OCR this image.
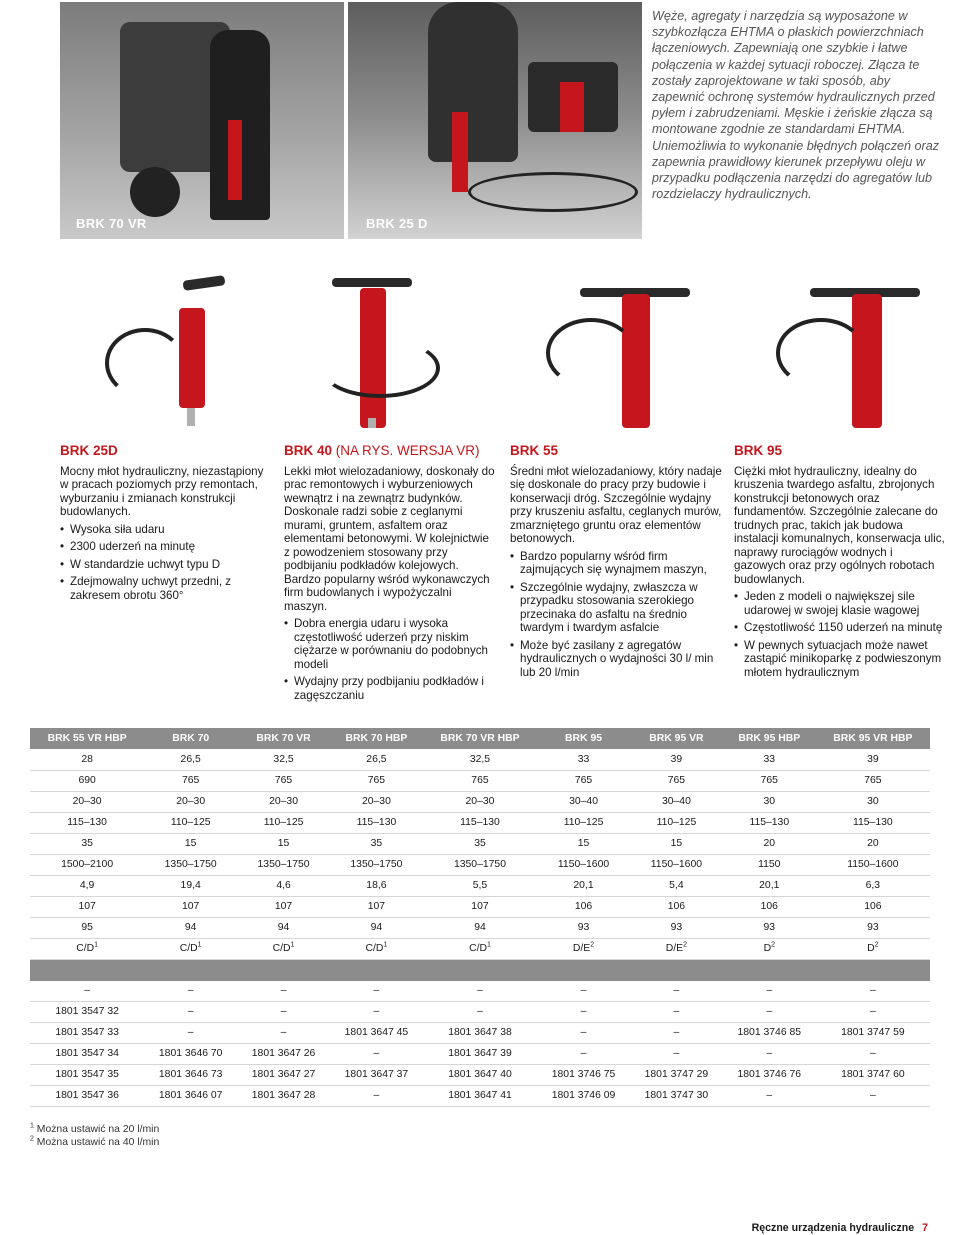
BRK 70 VR	BRK 25 D

Węże, agregaty i narzędzia są wyposażone w szybkozłącza EHTMA o płaskich powierzchniach łączeniowych. Zapewniają one szybkie i łatwe połączenia w każdej sytuacji roboczej. Złącza te zostały zaprojektowane w taki sposób, aby zapewnić ochronę systemów hydraulicznych przed pyłem i zabrudzeniami. Męskie i żeńskie złącza są montowane zgodnie ze standardami EHTMA. Uniemożliwia to wykonanie błędnych połączeń oraz zapewnia prawidłowy kierunek przepływu oleju w przypadku podłączenia narzędzi do agregatów lub rozdzielaczy hydraulicznych.

BRK 25D

Mocny młot hydrauliczny, niezastąpiony w pracach poziomych przy remontach, wyburzaniu i zmianach konstrukcji budowlanych.

• Wysoka siła udaru
• 2300 uderzeń na minutę
• W standardzie uchwyt typu D
• Zdejmowalny uchwyt przedni, z zakresem obrotu 360°
BRK 40 (NA RYS. WERSJA VR)

Lekki młot wielozadaniowy, doskonały do prac remontowych i wyburzeniowych wewnątrz i na zewnątrz budynków. Doskonale radzi sobie z ceglanymi murami, gruntem, asfaltem oraz elementami betonowymi. W kolejnictwie z powodzeniem stosowany przy podbijaniu podkładów kolejowych. Bardzo popularny wśród wykonawczych firm budowlanych i wypożyczalni maszyn.

• Dobra energia udaru i wysoka częstotliwość uderzeń przy niskim ciężarze w porównaniu do podobnych modeli
• Wydajny przy podbijaniu podkładów i zagęszczaniu
BRK 55

Średni młot wielozadaniowy, który nadaje się doskonale do pracy przy budowie i konserwacji dróg. Szczególnie wydajny przy kruszeniu asfaltu, ceglanych murów, zmarzniętego gruntu oraz elementów betonowych.

• Bardzo popularny wśród firm zajmujących się wynajmem maszyn,
• Szczególnie wydajny, zwłaszcza w przypadku stosowania szerokiego przecinaka do asfaltu na średnio twardym i twardym asfalcie
• Może być zasilany z agregatów hydraulicznych o wydajności 30 l/ min lub 20 l/min
BRK 95

Ciężki młot hydrauliczny, idealny do kruszenia twardego asfaltu, zbrojonych konstrukcji betonowych oraz fundamentów. Szczególnie zalecane do trudnych prac, takich jak budowa instalacji komunalnych, konserwacja ulic, naprawy rurociągów wodnych i gazowych oraz przy ogólnych robotach budowlanych.

• Jeden z modeli o największej sile udarowej w swojej klasie wagowej
• Częstotliwość 1150 uderzeń na minutę
• W pewnych sytuacjach może nawet zastąpić minikoparkę z podwieszonym młotem hydraulicznym
BRK 55 VR HBP	BRK 70	BRK 70 VR	BRK 70 HBP	BRK 70 VR HBP	BRK 95	BRK 95 VR	BRK 95 HBP	BRK 95 VR HBP
28	26,5	32,5	26,5	32,5	33	39	33	39
690	765	765	765	765	765	765	765	765
20–30	20–30	20–30	20–30	20–30	30–40	30–40	30	30
115–130	110–125	110–125	115–130	115–130	110–125	110–125	115–130	115–130
35	15	15	35	35	15	15	20	20
1500–2100	1350–1750	1350–1750	1350–1750	1350–1750	1150–1600	1150–1600	1150	1150–1600
4,9	19,4	4,6	18,6	5,5	20,1	5,4	20,1	6,3
107	107	107	107	107	106	106	106	106
95	94	94	94	94	93	93	93	93
$C/D^1$	$C/D^1$	$C/D^1$	$C/D^1$	$C/D^1$	$D/E^2$	$D/E^2$	$D^2$	$D^2$

–	–	–	–	–	–	–	–	–
1801 3547 32	–	–	–	–	–	–	–	–
1801 3547 33	–	–	1801 3647 45	1801 3647 38	–	–	1801 3746 85	1801 3747 59
1801 3547 34	1801 3646 70	1801 3647 26	–	1801 3647 39	–	–	–	–
1801 3547 35	1801 3646 73	1801 3647 27	1801 3647 37	1801 3647 40	1801 3746 75	1801 3747 29	1801 3746 76	1801 3747 60
1801 3547 36	1801 3646 07	1801 3647 28	–	1801 3647 41	1801 3746 09	1801 3747 30	–	–
$^1$ Można ustawić na 20 l/min
$^2$ Można ustawić na 40 l/min
Ręczne urządzenia hydrauliczne 7
